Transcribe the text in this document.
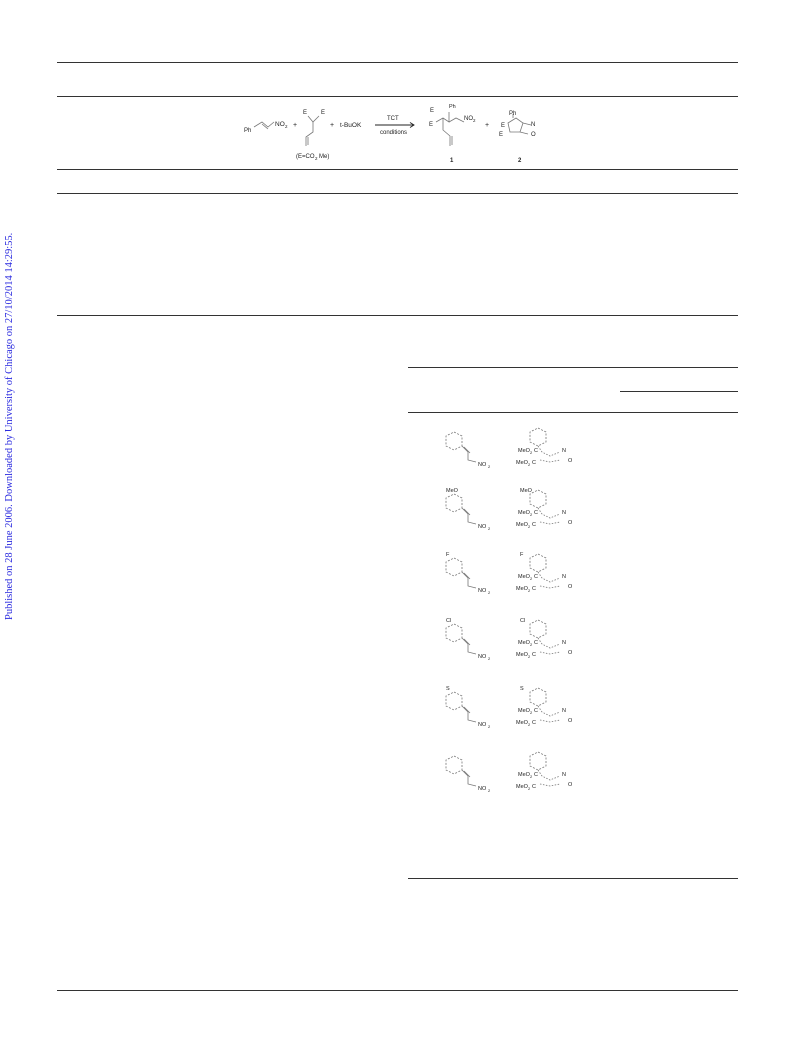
Published on 28 June 2006. Downloaded by University of Chicago on 27/10/2014 14:29:55.
Ph
NO 2 +
E E
+ t-BuOK
TCT
conditions
(E=CO 2 Me)
E
E
Ph
NO 2
+
1
Ph
E
E
N
O
2
NO 2
MeO 2 C
MeO 2 C
N
O
MeO
NO 2
MeO
MeO 2 C
MeO 2 C
N
O
F
NO 2
F
MeO 2 C
MeO 2 C
N
O
Cl
NO 2
Cl
MeO 2 C
MeO 2 C
N
O
S
NO 2
S
MeO 2 C
MeO 2 C
N
O
NO 2
MeO 2 C
MeO 2 C
N
O
